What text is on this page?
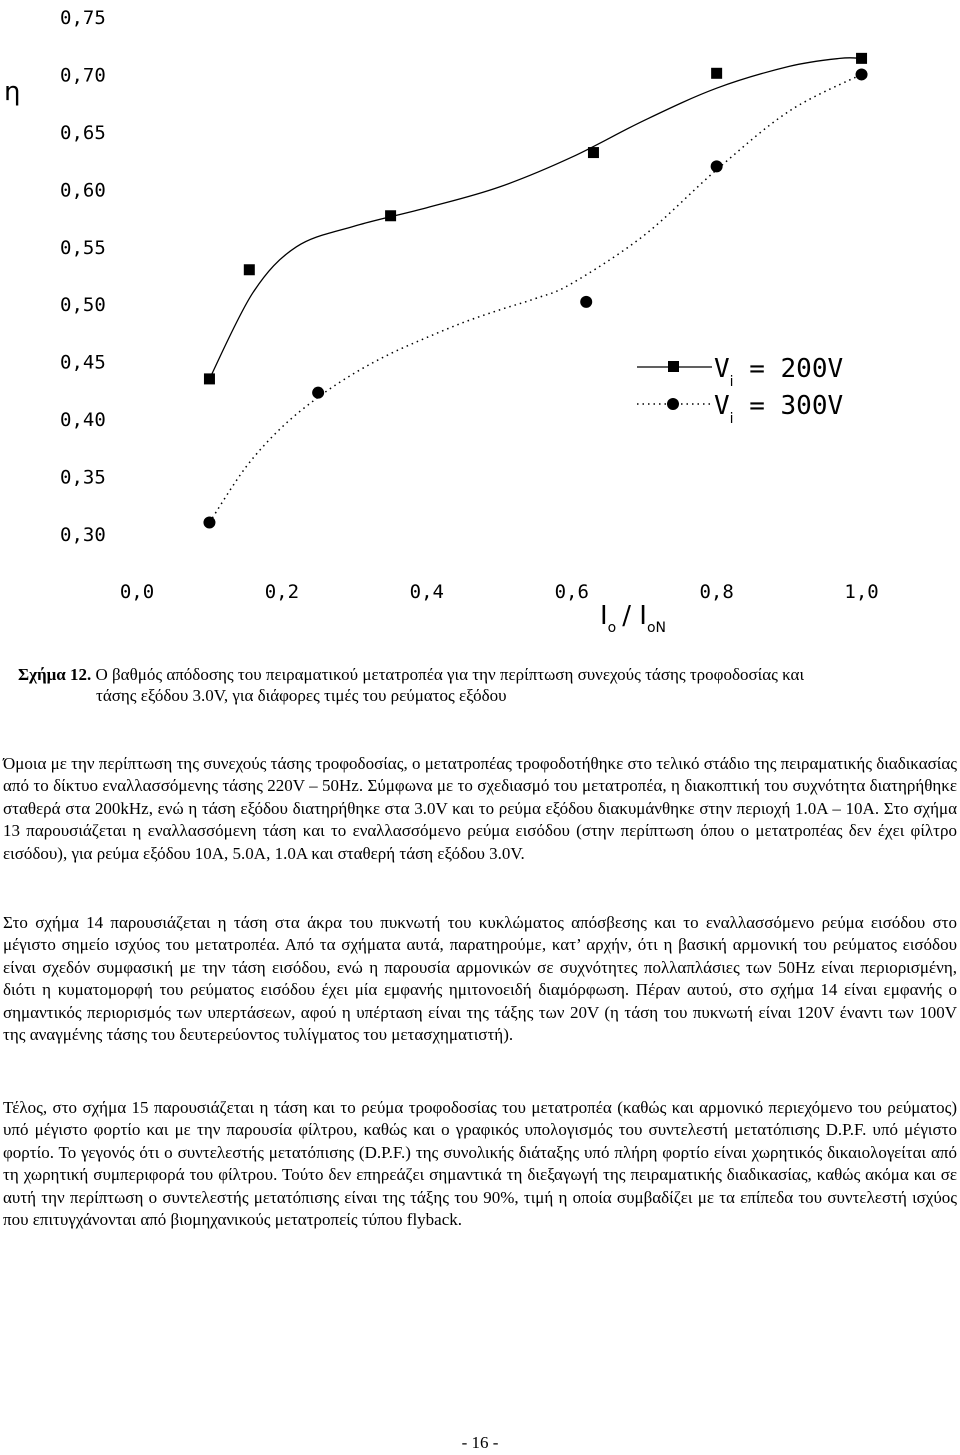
0,30
0,35
0,40
0,45
0,50
0,55
0,60
0,65
0,70
0,75
0,0	0,2	0,4	0,6	0,8	1,0
η
$I_o / I_{oN}$
$V_i = 200V$
$V_i = 300V$
Σχήμα 12. Ο βαθμός απόδοσης του πειραματικού μετατροπέα για την περίπτωση συνεχούς τάσης τροφοδοσίας και
τάσης εξόδου 3.0V, για διάφορες τιμές του ρεύματος εξόδου

Όμοια με την περίπτωση της συνεχούς τάσης τροφοδοσίας, ο μετατροπέας τροφοδοτήθηκε στο τελικό στάδιο της πειραματικής διαδικασίας από το δίκτυο εναλλασσόμενης τάσης 220V – 50Hz. Σύμφωνα με το σχεδιασμό του μετατροπέα, η διακοπτική του συχνότητα διατηρήθηκε σταθερά στα 200kHz, ενώ η τάση εξόδου διατηρήθηκε στα 3.0V και το ρεύμα εξόδου διακυμάνθηκε στην περιοχή 1.0A – 10A. Στο σχήμα 13 παρουσιάζεται η εναλλασσόμενη τάση και το εναλλασσόμενο ρεύμα εισόδου (στην περίπτωση όπου ο μετατροπέας δεν έχει φίλτρο εισόδου), για ρεύμα εξόδου 10A, 5.0A, 1.0A και σταθερή τάση εξόδου 3.0V.

Στο σχήμα 14 παρουσιάζεται η τάση στα άκρα του πυκνωτή του κυκλώματος απόσβεσης και το εναλλασσόμενο ρεύμα εισόδου στο μέγιστο σημείο ισχύος του μετατροπέα. Από τα σχήματα αυτά, παρατηρούμε, κατ’ αρχήν, ότι η βασική αρμονική του ρεύματος εισόδου είναι σχεδόν συμφασική με την τάση εισόδου, ενώ η παρουσία αρμονικών σε συχνότητες πολλαπλάσιες των 50Hz είναι περιορισμένη, διότι η κυματομορφή του ρεύματος εισόδου έχει μία εμφανής ημιτονοειδή διαμόρφωση. Πέραν αυτού, στο σχήμα 14 είναι εμφανής ο σημαντικός περιορισμός των υπερτάσεων, αφού η υπέρταση είναι της τάξης των 20V (η τάση του πυκνωτή είναι 120V έναντι των 100V της αναγμένης τάσης του δευτερεύοντος τυλίγματος του μετασχηματιστή).

Τέλος, στο σχήμα 15 παρουσιάζεται η τάση και το ρεύμα τροφοδοσίας του μετατροπέα (καθώς και αρμονικό περιεχόμενο του ρεύματος) υπό μέγιστο φορτίο και με την παρουσία φίλτρου, καθώς και ο γραφικός υπολογισμός του συντελεστή μετατόπισης D.P.F. υπό μέγιστο φορτίο. Το γεγονός ότι ο συντελεστής μετατόπισης (D.P.F.) της συνολικής διάταξης υπό πλήρη φορτίο είναι χωρητικός δικαιολογείται από τη χωρητική συμπεριφορά του φίλτρου. Τούτο δεν επηρεάζει σημαντικά τη διεξαγωγή της πειραματικής διαδικασίας, καθώς ακόμα και σε αυτή την περίπτωση ο συντελεστής μετατόπισης είναι της τάξης του 90%, τιμή η οποία συμβαδίζει με τα επίπεδα του συντελεστή ισχύος που επιτυγχάνονται από βιομηχανικούς μετατροπείς τύπου flyback.

- 16 -
